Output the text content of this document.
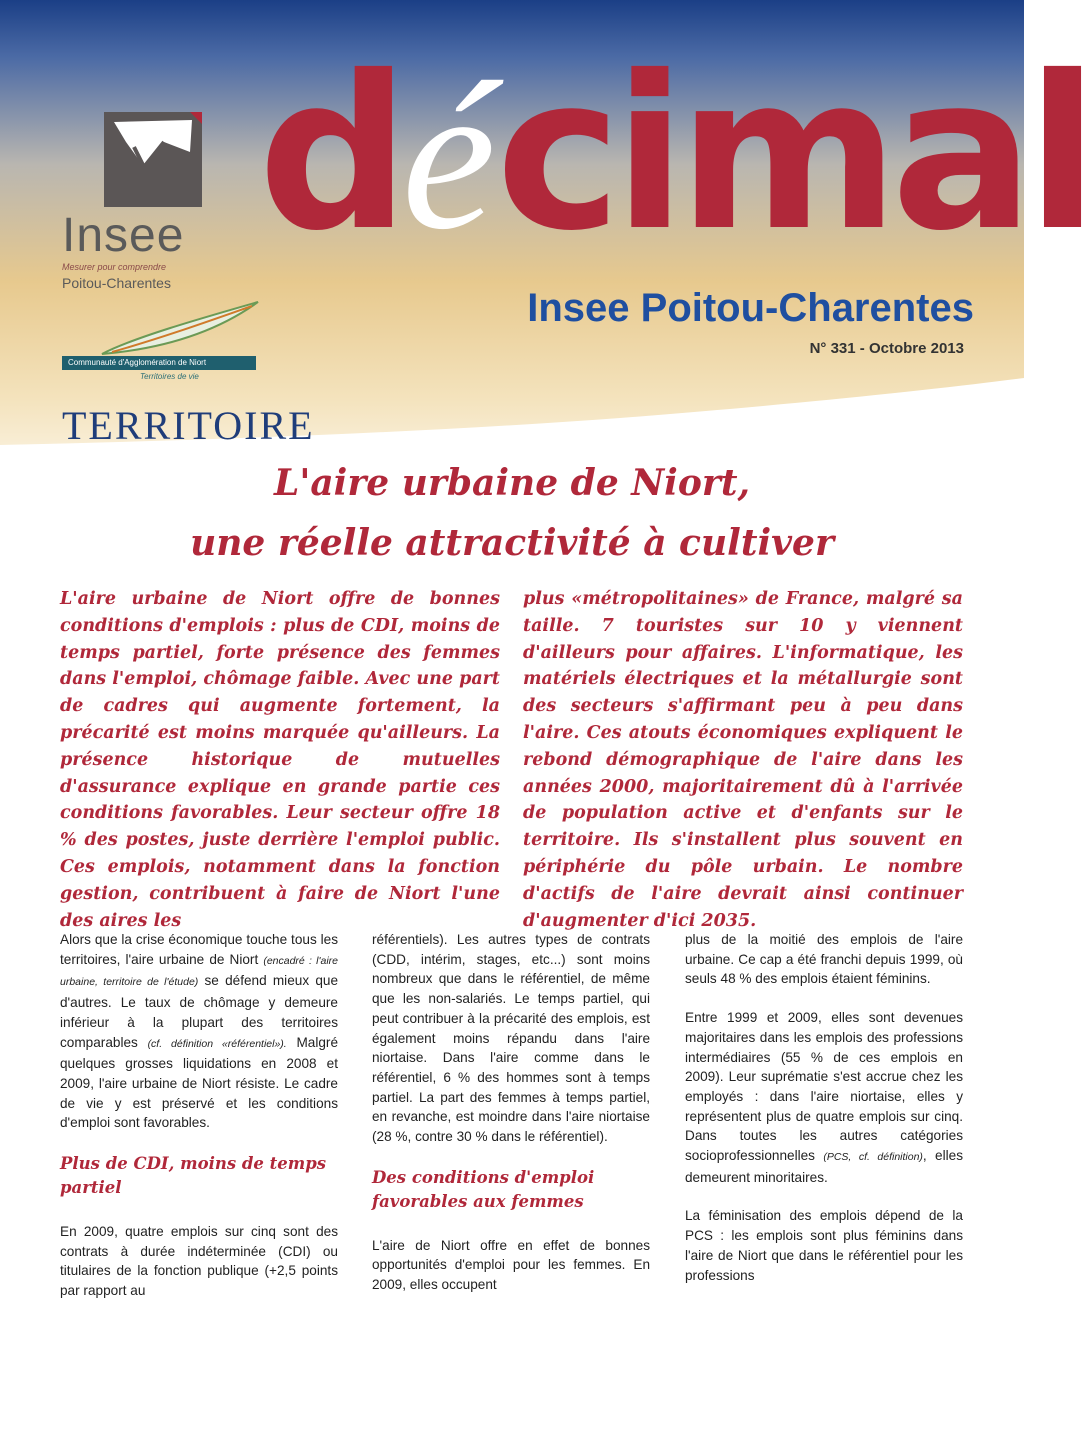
Insee
Mesurer pour comprendre
Poitou-Charentes
Communauté d'Agglomération de Niort
Territoires de vie
décimal
Insee Poitou-Charentes
N° 331 - Octobre 2013
TERRITOIRE
L'aire urbaine de Niort,
une réelle attractivité à cultiver
L'aire urbaine de Niort offre de bonnes conditions d'emplois : plus de CDI, moins de temps partiel, forte présence des femmes dans l'emploi, chômage faible. Avec une part de cadres qui augmente fortement, la précarité est moins marquée qu'ailleurs. La présence historique de mutuelles d'assurance explique en grande partie ces conditions favorables. Leur secteur offre 18 % des postes, juste derrière l'emploi public. Ces emplois, notamment dans la fonction gestion, contribuent à faire de Niort l'une des aires les
plus «métropolitaines» de France, malgré sa taille. 7 touristes sur 10 y viennent d'ailleurs pour affaires. L'informatique, les matériels électriques et la métallurgie sont des secteurs s'affirmant peu à peu dans l'aire. Ces atouts économiques expliquent le rebond démographique de l'aire dans les années 2000, majoritairement dû à l'arrivée de population active et d'enfants sur le territoire. Ils s'installent plus souvent en périphérie du pôle urbain. Le nombre d'actifs de l'aire devrait ainsi continuer d'augmenter d'ici 2035.

Alors que la crise économique touche tous les territoires, l'aire urbaine de Niort (encadré : l'aire urbaine, territoire de l'étude) se défend mieux que d'autres. Le taux de chômage y demeure inférieur à la plupart des territoires comparables (cf. définition «référentiel»). Malgré quelques grosses liquidations en 2008 et 2009, l'aire urbaine de Niort résiste. Le cadre de vie y est préservé et les conditions d'emploi sont favorables.

Plus de CDI, moins de temps partiel

En 2009, quatre emplois sur cinq sont des contrats à durée indéterminée (CDI) ou titulaires de la fonction publique (+2,5 points par rapport au

référentiels). Les autres types de contrats (CDD, intérim, stages, etc...) sont moins nombreux que dans le référentiel, de même que les non-salariés. Le temps partiel, qui peut contribuer à la précarité des emplois, est également moins répandu dans l'aire niortaise. Dans l'aire comme dans le référentiel, 6 % des hommes sont à temps partiel. La part des femmes à temps partiel, en revanche, est moindre dans l'aire niortaise (28 %, contre 30 % dans le référentiel).

Des conditions d'emploi favorables aux femmes

L'aire de Niort offre en effet de bonnes opportunités d'emploi pour les femmes. En 2009, elles occupent

plus de la moitié des emplois de l'aire urbaine. Ce cap a été franchi depuis 1999, où seuls 48 % des emplois étaient féminins.

Entre 1999 et 2009, elles sont devenues majoritaires dans les emplois des professions intermédiaires (55 % de ces emplois en 2009). Leur suprématie s'est accrue chez les employés : dans l'aire niortaise, elles y représentent plus de quatre emplois sur cinq. Dans toutes les autres catégories socioprofessionnelles (PCS, cf. définition), elles demeurent minoritaires.

La féminisation des emplois dépend de la PCS : les emplois sont plus féminins dans l'aire de Niort que dans le référentiel pour les professions
